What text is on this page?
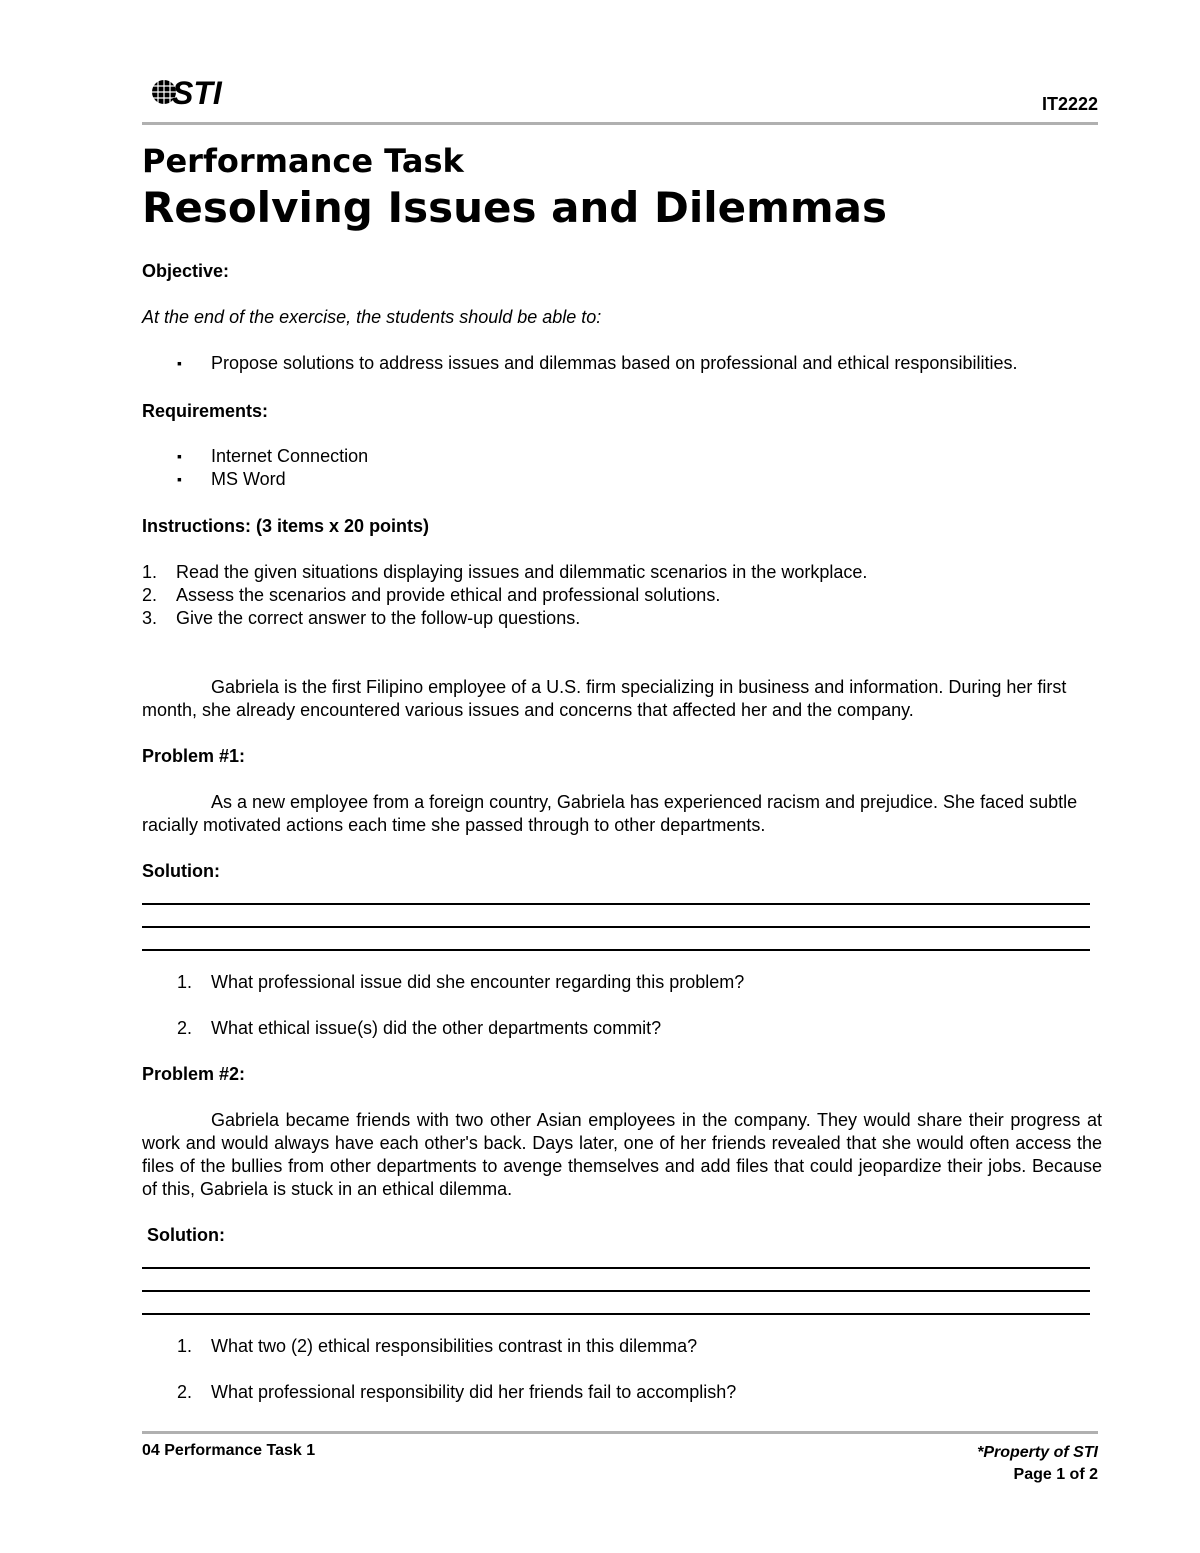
STI	IT2222
Performance Task
Resolving Issues and Dilemmas

Objective:

At the end of the exercise, the students should be able to:

▪ Propose solutions to address issues and dilemmas based on professional and ethical responsibilities.

Requirements:

▪ Internet Connection
▪ MS Word

Instructions: (3 items x 20 points)

1. Read the given situations displaying issues and dilemmatic scenarios in the workplace.
2. Assess the scenarios and provide ethical and professional solutions.
3. Give the correct answer to the follow-up questions.

Gabriela is the first Filipino employee of a U.S. firm specializing in business and information. During her first month, she already encountered various issues and concerns that affected her and the company.

Problem #1:

As a new employee from a foreign country, Gabriela has experienced racism and prejudice. She faced subtle racially motivated actions each time she passed through to other departments.

Solution:

1. What professional issue did she encounter regarding this problem?
2. What ethical issue(s) did the other departments commit?

Problem #2:

Gabriela became friends with two other Asian employees in the company. They would share their progress at work and would always have each other's back. Days later, one of her friends revealed that she would often access the files of the bullies from other departments to avenge themselves and add files that could jeopardize their jobs. Because of this, Gabriela is stuck in an ethical dilemma.

Solution:

1. What two (2) ethical responsibilities contrast in this dilemma?
2. What professional responsibility did her friends fail to accomplish?
04 Performance Task 1	*Property of STI
Page 1 of 2
